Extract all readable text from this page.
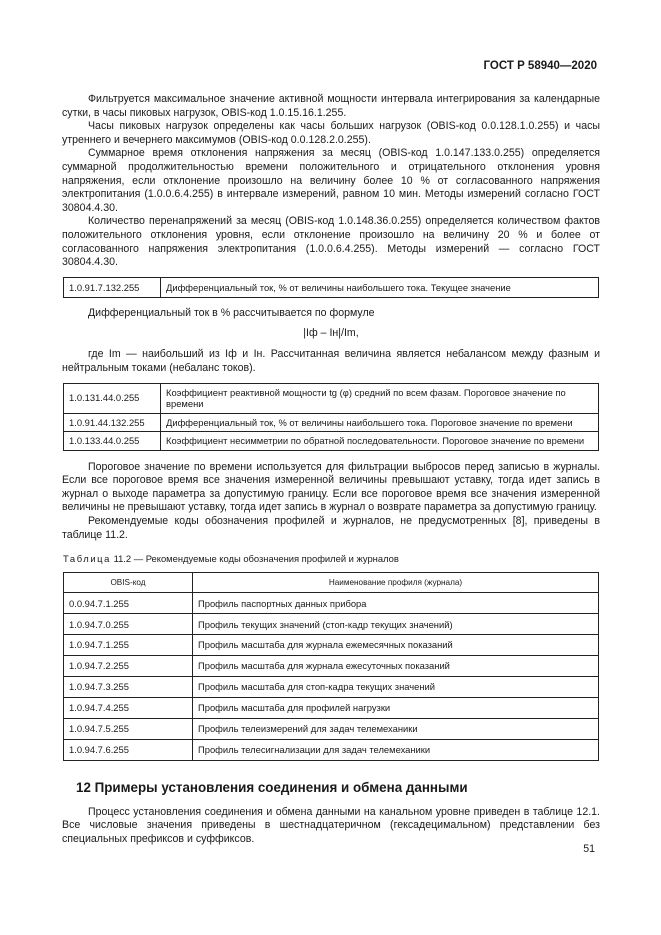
ГОСТ Р 58940—2020

Фильтруется максимальное значение активной мощности интервала интегрирования за календарные сутки, в часы пиковых нагрузок, OBIS-код 1.0.15.16.1.255.

Часы пиковых нагрузок определены как часы больших нагрузок (OBIS-код 0.0.128.1.0.255) и часы утреннего и вечернего максимумов (OBIS-код 0.0.128.2.0.255).

Суммарное время отклонения напряжения за месяц (OBIS-код 1.0.147.133.0.255) определяется суммарной продолжительностью времени положительного и отрицательного отклонения уровня напряжения, если отклонение произошло на величину более 10 % от согласованного напряжения электропитания (1.0.0.6.4.255) в интервале измерений, равном 10 мин. Методы измерений согласно ГОСТ 30804.4.30.

Количество перенапряжений за месяц (OBIS-код 1.0.148.36.0.255) определяется количеством фактов положительного отклонения уровня, если отклонение произошло на величину 20 % и более от согласованного напряжения электропитания (1.0.0.6.4.255). Методы измерений — согласно ГОСТ 30804.4.30.

1.0.91.7.132.255	Дифференциальный ток, % от величины наибольшего тока. Текущее значение

Дифференциальный ток в % рассчитывается по формуле

|Iф – Iн|/Im,

где Im — наибольший из Iф и Iн. Рассчитанная величина является небалансом между фазным и нейтральным токами (небаланс токов).

1.0.131.44.0.255	Коэффициент реактивной мощности tg (φ) средний по всем фазам. Пороговое значение по времени
1.0.91.44.132.255	Дифференциальный ток, % от величины наибольшего тока. Пороговое значение по времени
1.0.133.44.0.255	Коэффициент несимметрии по обратной последовательности. Пороговое значение по времени

Пороговое значение по времени используется для фильтрации выбросов перед записью в журналы. Если все пороговое время все значения измеренной величины превышают уставку, тогда идет запись в журнал о выходе параметра за допустимую границу. Если все пороговое время все значения измеренной величины не превышают уставку, тогда идет запись в журнал о возврате параметра за допустимую границу.

Рекомендуемые коды обозначения профилей и журналов, не предусмотренных [8], приведены в таблице 11.2.

Таблица 11.2 — Рекомендуемые коды обозначения профилей и журналов
OBIS-код	Наименование профиля (журнала)
0.0.94.7.1.255	Профиль паспортных данных прибора
1.0.94.7.0.255	Профиль текущих значений (стоп-кадр текущих значений)
1.0.94.7.1.255	Профиль масштаба для журнала ежемесячных показаний
1.0.94.7.2.255	Профиль масштаба для журнала ежесуточных показаний
1.0.94.7.3.255	Профиль масштаба для стоп-кадра текущих значений
1.0.94.7.4.255	Профиль масштаба для профилей нагрузки
1.0.94.7.5.255	Профиль телеизмерений для задач телемеханики
1.0.94.7.6.255	Профиль телесигнализации для задач телемеханики
12 Примеры установления соединения и обмена данными

Процесс установления соединения и обмена данными на канальном уровне приведен в таблице 12.1. Все числовые значения приведены в шестнадцатеричном (гексадецимальном) представлении без специальных префиксов и суффиксов.

51
